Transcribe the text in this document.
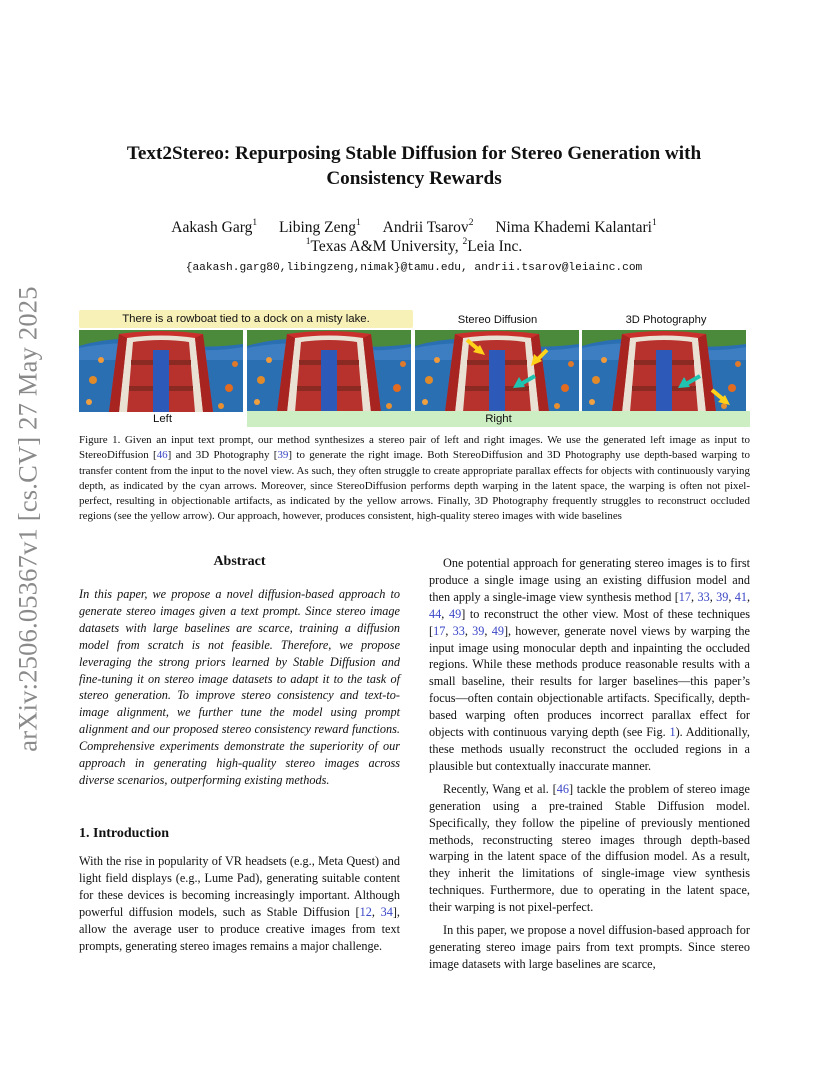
arXiv:2506.05367v1 [cs.CV] 27 May 2025
Text2Stereo: Repurposing Stable Diffusion for Stereo Generation with
Consistency Rewards
Aakash Garg$^1$ Libing Zeng$^1$ Andrii Tsarov$^2$ Nima Khademi Kalantari$^1$
$^1$Texas A&M University, $^2$Leia Inc.
{aakash.garg80,libingzeng,nimak}@tamu.edu, andrii.tsarov@leiainc.com
There is a rowboat tied to a dock on a misty lake.	Stereo Diffusion	3D Photography
Left	Right
Figure 1. Given an input text prompt, our method synthesizes a stereo pair of left and right images. We use the generated left image as input to StereoDiffusion [46] and 3D Photography [39] to generate the right image. Both StereoDiffusion and 3D Photography use depth-based warping to transfer content from the input to the novel view. As such, they often struggle to create appropriate parallax effects for objects with continuously varying depth, as indicated by the cyan arrows. Moreover, since StereoDiffusion performs depth warping in the latent space, the warping is often not pixel-perfect, resulting in objectionable artifacts, as indicated by the yellow arrows. Finally, 3D Photography frequently struggles to reconstruct occluded regions (see the yellow arrow). Our approach, however, produces consistent, high-quality stereo images with wide baselines
Abstract
In this paper, we propose a novel diffusion-based approach to generate stereo images given a text prompt. Since stereo image datasets with large baselines are scarce, training a diffusion model from scratch is not feasible. Therefore, we propose leveraging the strong priors learned by Stable Diffusion and fine-tuning it on stereo image datasets to adapt it to the task of stereo generation. To improve stereo consistency and text-to-image alignment, we further tune the model using prompt alignment and our proposed stereo consistency reward functions. Comprehensive experiments demonstrate the superiority of our approach in generating high-quality stereo images across diverse scenarios, outperforming existing methods.
1. Introduction
With the rise in popularity of VR headsets (e.g., Meta Quest) and light field displays (e.g., Lume Pad), generating suitable content for these devices is becoming increasingly important. Although powerful diffusion models, such as Stable Diffusion [12, 34], allow the average user to produce creative images from text prompts, generating stereo images remains a major challenge.

One potential approach for generating stereo images is to first produce a single image using an existing diffusion model and then apply a single-image view synthesis method [17, 33, 39, 41, 44, 49] to reconstruct the other view. Most of these techniques [17, 33, 39, 49], however, generate novel views by warping the input image using monocular depth and inpainting the occluded regions. While these methods produce reasonable results with a small baseline, their results for larger baselines—this paper’s focus—often contain objectionable artifacts. Specifically, depth-based warping often produces incorrect parallax effect for objects with continuous varying depth (see Fig. 1). Additionally, these methods usually reconstruct the occluded regions in a plausible but contextually inaccurate manner.

Recently, Wang et al. [46] tackle the problem of stereo image generation using a pre-trained Stable Diffusion model. Specifically, they follow the pipeline of previously mentioned methods, reconstructing stereo images through depth-based warping in the latent space of the diffusion model. As a result, they inherit the limitations of single-image view synthesis techniques. Furthermore, due to operating in the latent space, their warping is not pixel-perfect.

In this paper, we propose a novel diffusion-based approach for generating stereo image pairs from text prompts. Since stereo image datasets with large baselines are scarce,
